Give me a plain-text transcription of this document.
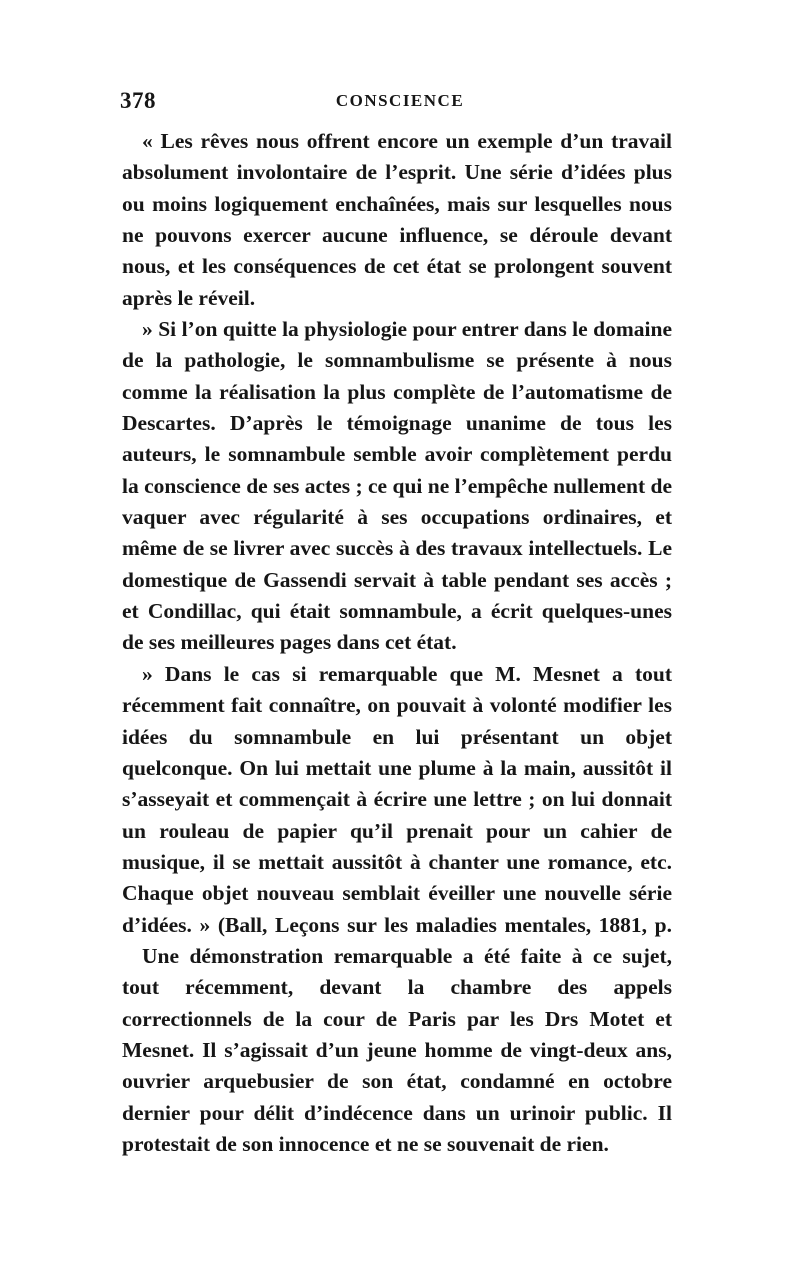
378	CONSCIENCE

« Les rêves nous offrent encore un exemple d’un travail absolument involontaire de l’esprit. Une série d’idées plus ou moins logiquement enchaînées, mais sur lesquelles nous ne pouvons exercer aucune influence, se déroule devant nous, et les conséquences de cet état se prolongent souvent après le réveil.

» Si l’on quitte la physiologie pour entrer dans le domaine de la pathologie, le somnambulisme se présente à nous comme la réalisation la plus complète de l’automatisme de Descartes. D’après le témoignage unanime de tous les auteurs, le somnambule semble avoir complètement perdu la conscience de ses actes ; ce qui ne l’empêche nullement de vaquer avec régularité à ses occupations ordinaires, et même de se livrer avec succès à des travaux intellectuels. Le domestique de Gassendi servait à table pendant ses accès ; et Condillac, qui était somnambule, a écrit quelques-unes de ses meilleures pages dans cet état.

» Dans le cas si remarquable que M. Mesnet a tout récemment fait connaître, on pouvait à volonté modifier les idées du somnambule en lui présentant un objet quelconque. On lui mettait une plume à la main, aussitôt il s’asseyait et commençait à écrire une lettre ; on lui donnait un rouleau de papier qu’il prenait pour un cahier de musique, il se mettait aussitôt à chanter une romance, etc. Chaque objet nouveau semblait éveiller une nouvelle série d’idées. » (Ball, Leçons sur les maladies mentales, 1881, p.

Une démonstration remarquable a été faite à ce sujet, tout récemment, devant la chambre des appels correctionnels de la cour de Paris par les Drs Motet et Mesnet. Il s’agissait d’un jeune homme de vingt-deux ans, ouvrier arquebusier de son état, condamné en octobre dernier pour délit d’indécence dans un urinoir public. Il protestait de son innocence et ne se souvenait de rien.
